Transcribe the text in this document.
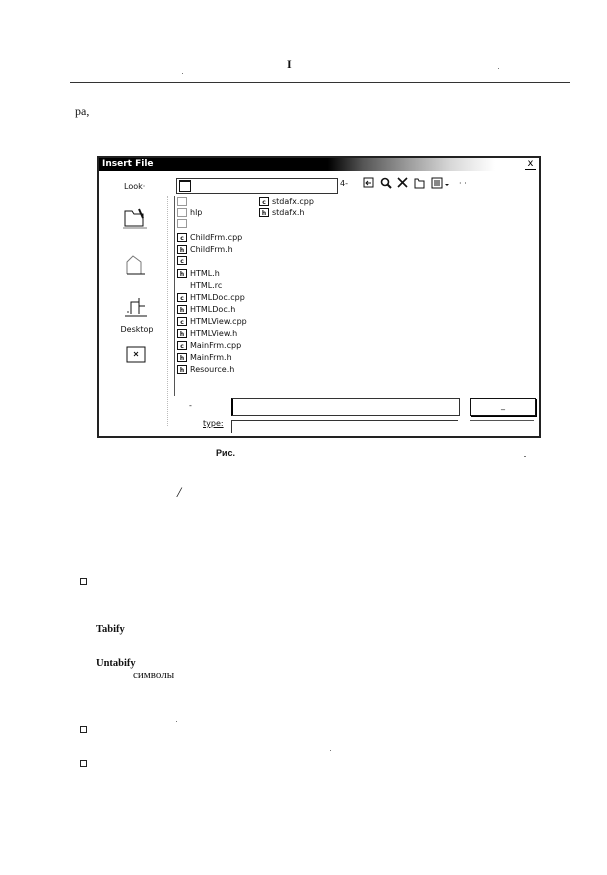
I
pa,
Insert File	x
Look·	4-	· ·
Desktop
hlp
c ChildFrm.cpp
h ChildFrm.h
c
h HTML.h
HTML.rc
c HTMLDoc.cpp
h HTMLDoc.h
c HTMLView.cpp
h HTMLView.h
c MainFrm.cpp
h MainFrm.h
h Resource.h
c stdafx.cpp
h stdafx.h
-	_
type:
Рис.
/
Tabify
Untabify
символы
